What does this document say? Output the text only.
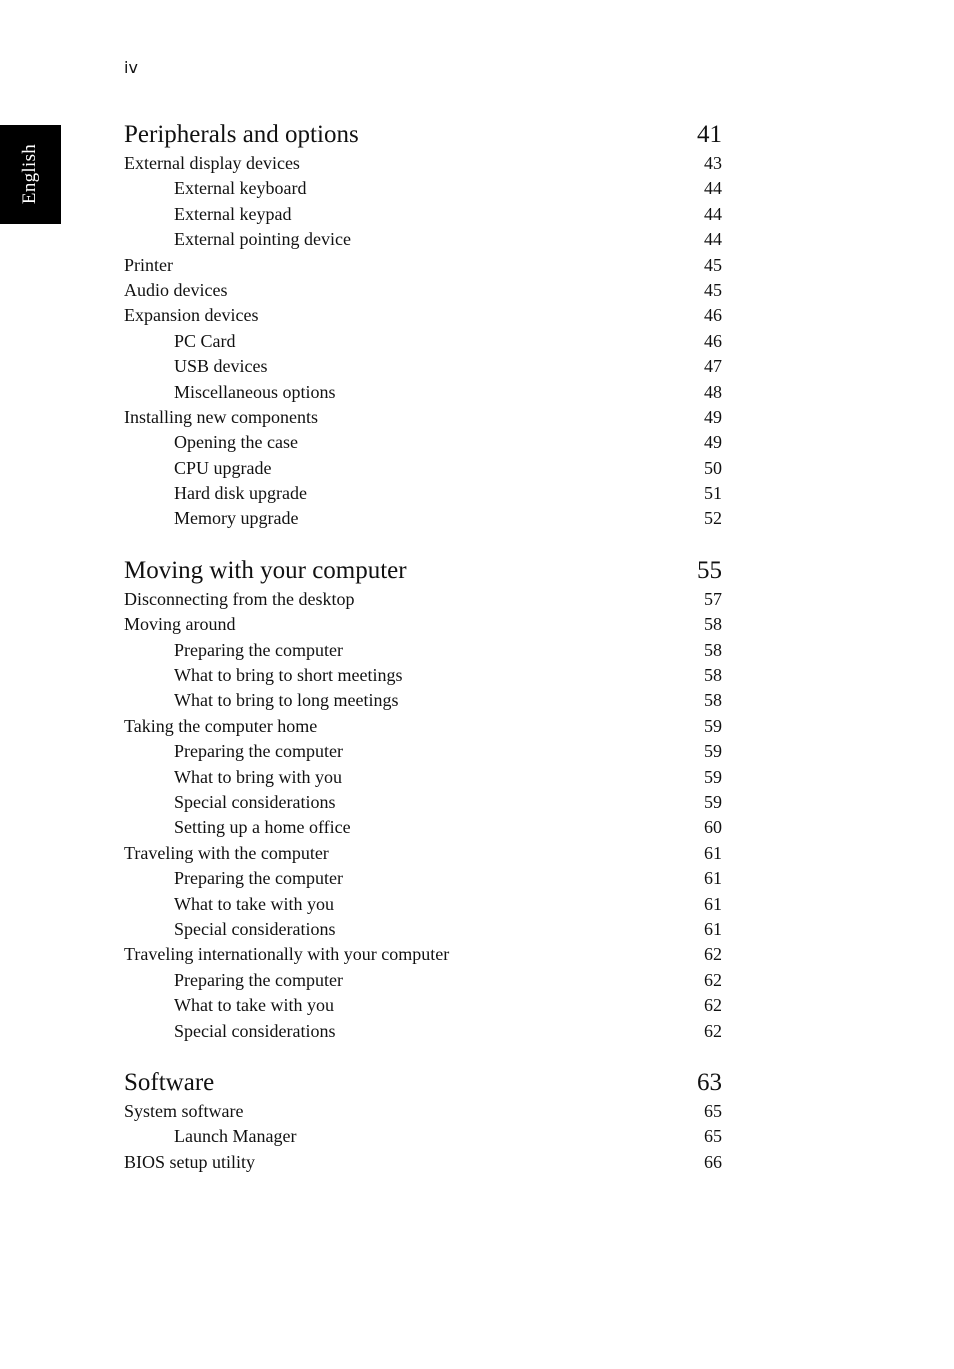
iv
English
Peripherals and options	41
External display devices	43
External keyboard	44
External keypad	44
External pointing device	44
Printer	45
Audio devices	45
Expansion devices	46
PC Card	46
USB devices	47
Miscellaneous options	48
Installing new components	49
Opening the case	49
CPU upgrade	50
Hard disk upgrade	51
Memory upgrade	52
Moving with your computer	55
Disconnecting from the desktop	57
Moving around	58
Preparing the computer	58
What to bring to short meetings	58
What to bring to long meetings	58
Taking the computer home	59
Preparing the computer	59
What to bring with you	59
Special considerations	59
Setting up a home office	60
Traveling with the computer	61
Preparing the computer	61
What to take with you	61
Special considerations	61
Traveling internationally with your computer	62
Preparing the computer	62
What to take with you	62
Special considerations	62
Software	63
System software	65
Launch Manager	65
BIOS setup utility	66
